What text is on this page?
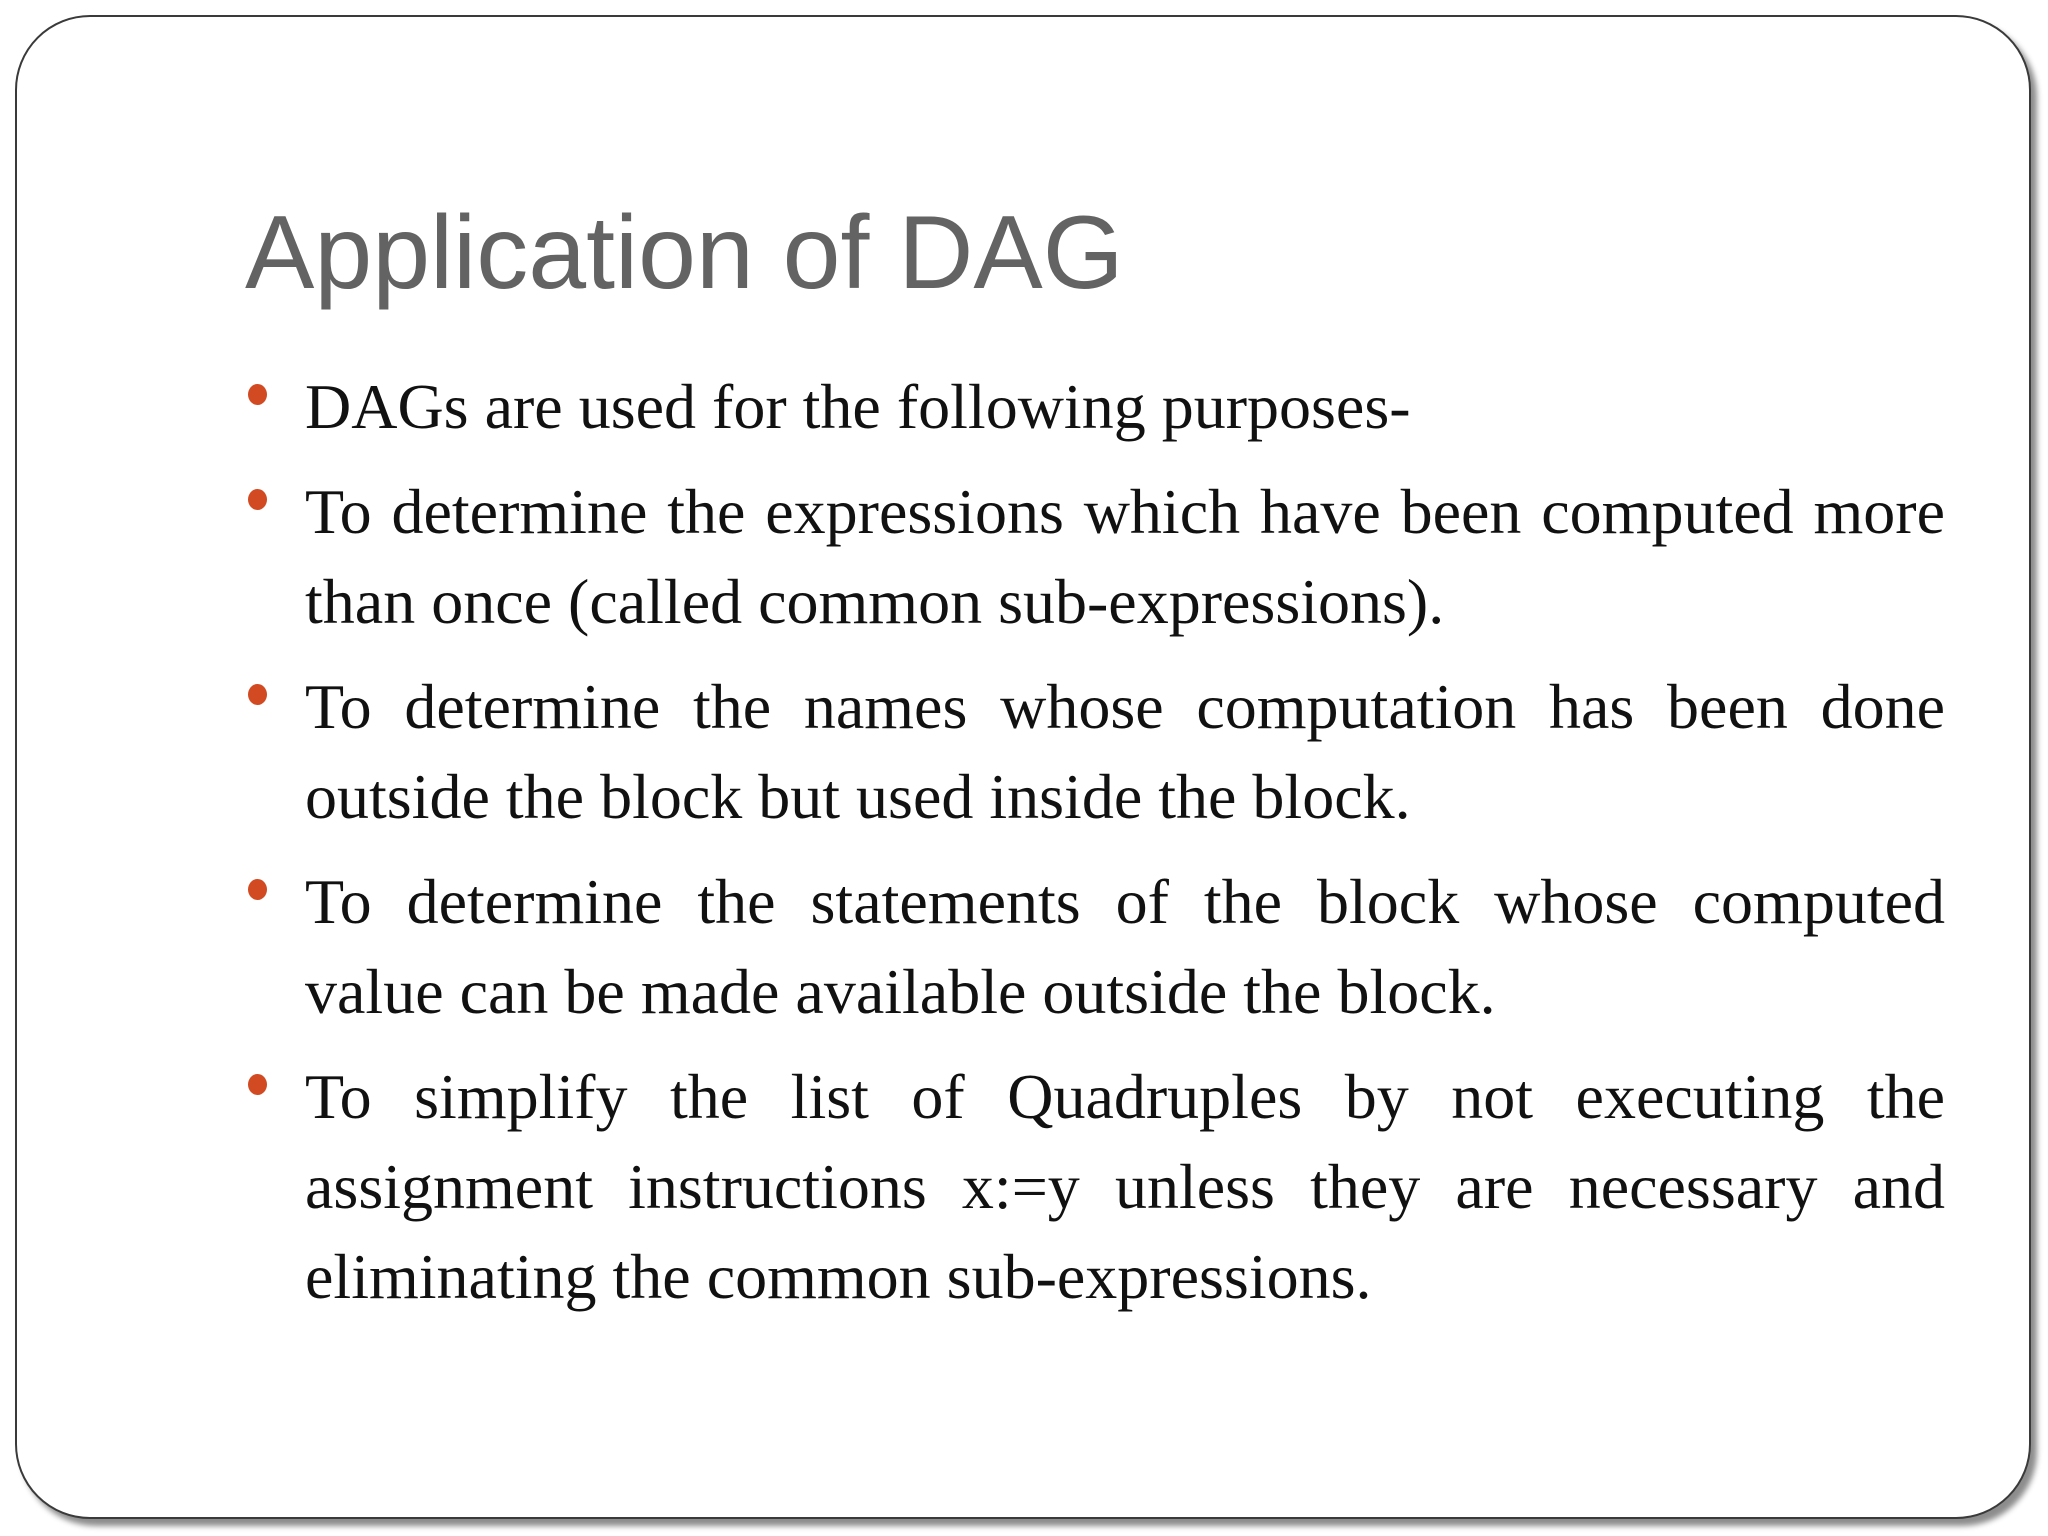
Application of DAG
DAGs are used for the following purposes-
To determine the expressions which have been computed more than once (called common sub-expressions).
To determine the names whose computation has been done outside the block but used inside the block.
To determine the statements of the block whose computed value can be made available outside the block.
To simplify the list of Quadruples by not executing the assignment instructions x:=y unless they are necessary and eliminating the common sub-expressions.
